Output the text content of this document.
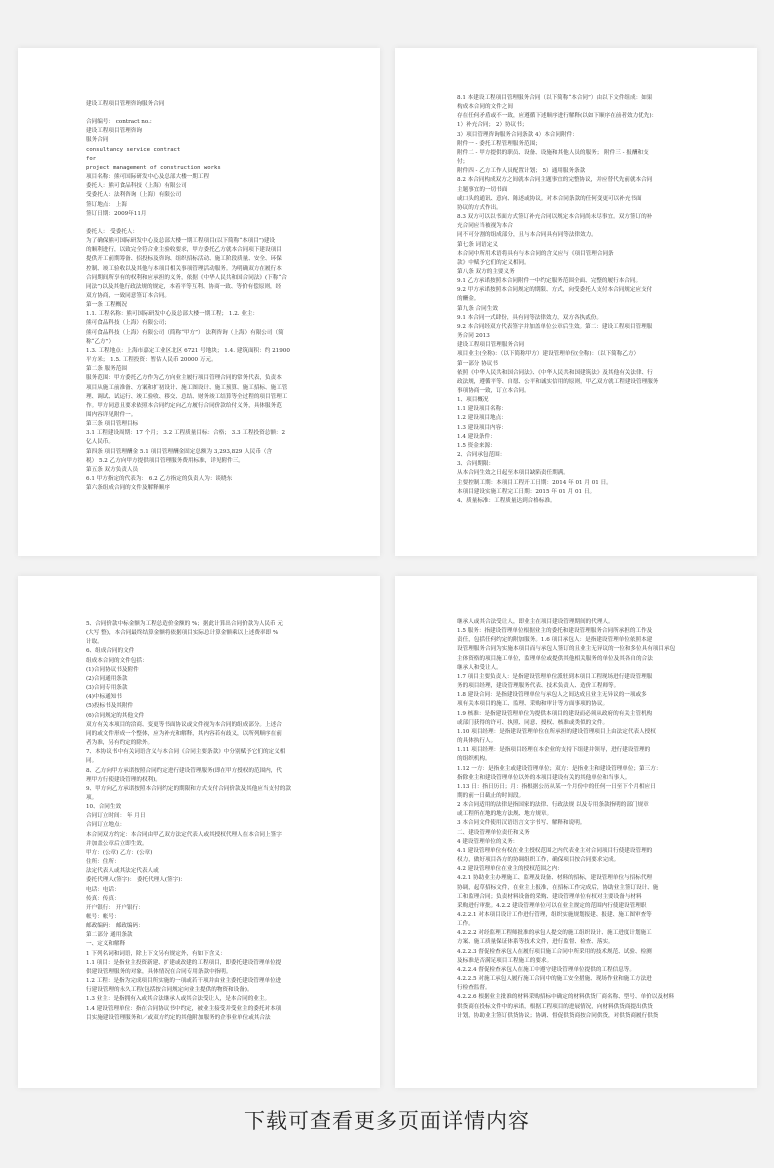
建设工程项目管理咨询服务合同
合同编号： contract no.:
建设工程项目管理咨询
服务合同
consultancy service contract
for
project management of construction works
项目名称：熊可国际研发中心及总部大楼一期工程
委托人：熊可食品科技（上海）有限公司
受委托人：法利咨询（上海）有限公司
签订地点： 上海
签订日期：2009年11月
委托人： 受委托人：
为了确保熊可国际研发中心及总部大楼一期工程项目(以下简称“本项目”)建设
的顺利进行，以致完全符合业主验收要求，甲方委托乙方就本合同项下建设项目
提供开工前期筹备、招投标及咨询、组织招标活动、施工阶段质量、安全、环保
控制、竣工验收以及其他与本项目相关事项管理活动服务。为明确双方在履行本
合同期间所享有的权利和应承担的义务，依据《中华人民共和国合同法》(下称“合
同法”)以及其他行政法规的规定，本着平等互利、协商一致、等价有偿原则，经
双方协商，一致同意签订本合同。
第一条 工程概况
1.1. 工程名称：熊可国际研发中心及总部大楼一期工程； 1.2. 业主：
熊可食品科技（上海）有限公司；
熊可食品科技（上海）有限公司（简称“甲方”） 法利咨询（上海）有限公司（简
称“乙方”）
1.3. 工程地点：上海市嘉定工业区北区 6721 号地块； 1.4. 建筑面积：约 21900
平方米； 1.5. 工程投资：暂估人民币 20000 万元。
第二条 服务范围
服务范围：甲方委托乙方作为乙方向业主履行项目管理合同的常务代表，负责本
项目从施工前准备、方案和扩初设计、施工图设计、施工预算、施工招标、施工管
理、调试、试运行、竣工验收、移交、总结、财务竣工结算等全过程的项目管理工
作。甲方同意且要求依照本合同约定向乙方履行合同价款给付义务，具体服务范
围内容详见附件一。
第三条 项目管理目标
3.1 工程建设周期：17 个月； 3.2 工程质量目标：合格； 3.3 工程投资总额：2
亿人民币。
第四条 项目管理酬金 5.1 项目管理酬金固定总额为 3,293,829 人民币（含
税） 5.2 乙方向甲方提供项目管理服务费用标准，详见附件三。
第五条 双方负责人员
6.1 甲方指定的代表为： 6.2 乙方指定的负责人为：谈晓东
第六条组成合同的文件及解释顺序
8.1 本建设工程项目管理服务合同（以下简称“本合同”）由以下文件组成：如果
构成本合同的文件之间
存在任何矛盾或不一致，应遵循下述顺序进行解释(以如下顺序在前者效力优先)：
1）补充合同； 2）协议书；
3）项目管理咨询服务合同条款 4）本合同附件：
附件一 - 委托工程管理服务范围；
附件二 - 甲方提供的职员、设备、设施和其他人员的服务； 附件三 - 报酬和支
付；
附件四 - 乙方工作人员配置计划； 5）通用服务条款
8.2 本合同构成双方之间就本合同主题事宜的完整协议，并应替代先前就本合同
主题事宜的一切书面
或口头的通讯、意向、陈述或协议。对本合同条款的任何变更可以补充书面
协议的方式作出。
8.3 双方可以以书面方式签订补充合同以规定本合同尚未尽事宜。双方签订的补
充合同应当被视为本合
同不可分割的组成部分，且与本合同具有同等法律效力。
第七条 词语定义
本合同中所用术语将具有与本合同的含义应与《项目管理合同条
款》中赋予它们的定义相同。
第八条 双方的主要义务
9.1 乙方承诺按照本合同附件一中约定服务范围全面、完整的履行本合同。
9.2 甲方承诺按照本合同规定的期限、方式，向受委托人支付本合同规定应支付
的酬金。
第九条 合同生效
9.1 本合同一式肆份，具有同等法律效力，双方各执贰份。
9.2 本合同经双方代表签字并加盖单位公章后生效。第二：建设工程项目管理服
务合同 2013
建设工程项目管理服务合同
项目业主(全称)：（以下简称甲方）建设管理单位(全称)：（以下简称乙方）
第一部分 协议书
依照《中华人民共和国合同法》、《中华人民共和国建筑法》及其他有关法律、行
政法规，遵循平等、自愿、公平和诚实信用的原则，甲乙双方就工程建设管理服务
事项协商一致，订立本合同。
1、项目概况
1.1 建设项目名称：
1.2 建设项目地点：
1.3 建设项目内容：
1.4 建设条件：
1.5 资金来源：
2、合同承包范围：
3、合同期限：
从本合同生效之日起至本项目缺陷责任期满。
主要控制工期：本项目工程开工日期：2014 年 01 月 01 日。
本项目建设实施工程完工日期：2015 年 01 月 01 日。
4、质量标准：工程质量达到合格标准。
5、合同价款中标金额为工程总造价金额的 %；据此计算出合同价款为人民币 元
(大写 整)，本合同最终结算金额将依据项目实际总计算金额乘以上述费率即 %
计取。
6、组成合同的文件
组成本合同的文件包括：
(1)合同协议书及附件
(2)合同通用条款
(3)合同专用条款
(4)中标通知书
(5)投标书及其附件
(6)合同规定的其他文件
双方有关本项目的洽商、变更等书面协议或文件视为本合同的组成部分。上述合
同的或文件形成一个整体，应为补充和解释，其内容若有歧义，以所列顺序在前
者为准，另有约定的除外。
7、本协议书中有关词语含义与本合同《合同主要条款》中分别赋予它们的定义相
同。
8、乙方向甲方承诺按照合同约定进行建设管理服务(即在甲方授权的范围内，代
理甲方行使建设管理的权利)。
9、甲方向乙方承诺按照本合同约定的期限和方式支付合同价款及其他应当支付的款
项。
10、合同生效
合同订立时间： 年 月日
合同订立地点：
本合同双方约定：本合同由甲乙双方法定代表人或其授权代理人在本合同上签字
并加盖公章后立即生效。
甲方：(公章) 乙方：(公章)
住所：住所：
法定代表人或其法定代表人或
委托代理人(签字)： 委托代理人(签字)：
电话：电话：
传真：传真：
开户银行： 开户银行：
帐号：帐号：
邮政编码： 邮政编码：
第二部分 通用条款
一、定义和解释
1 下列名词和词语，除上下文另有规定外，有如下含义：
1.1 项目：是指业主投资新建、扩建或改建的工程项目，即委托建设管理单位提
供建设管理服务的对象，具体情况在合同专用条款中指明。
1.2 工程：是指为完成项目所实施的一项或若干项并由业主委托建设管理单位进
行建设管理的永久工程(包括按合同规定向业主提供的物资和设备)。
1.3 业主：是指拥有入或其合法继承人或其合法受让人，是本合同的业主。
1.4 建设管理单位：指在合同协议书中约定，被业主接受并受业主的委托对本项
目实施建设管理服务和／或双方约定的其他附加服务的企事业单位或其合法
继承人或其合法受让人，即业主在项目建设管理期间的代理人。
1.5 服务：指建设管理单位根据业主的委托和建设管理服务合同所承担的工作及
责任，包括任何约定的附加服务。1.6 项目承包人：是指建设管理单位依照本建
设管理服务合同为实施本项目而与承包人签订的且业主无异议的一位和多位具有项目承包
主体资格的项目施工单位，监理单位或提供其他相关服务的单位及其各自的合法
继承人和受让人。
1.7 项目主要负责人：是指建设管理单位派驻到本项目工程现场进行建设管理服
务的项目经理，建设管理服务代表、技术负责人、造价工程师等。
1.8 建设合同：是指建设管理单位与承包人之间达成且业主无异议的一项或多
项有关本项目的施工、监理、采购和审计等方面事项的协议。
1.9 核准：是指建设管理单位为提供本项目的建设而必须从政府的有关主管机构
或部门获得的许可、执照、同意、授权、核准或类似的文件。
1.10 项目经理：是指建设管理单位在所承担的建设管理项目上由法定代表人授权
的具体执行人。
1.11 项目经理：是指项目经理在本企业的支持下组建并领导，进行建设管理的
的组织机构。
1.12 一方：是指业主或建设管理单位；双方：是指业主和建设管理单位；第三方：
指除业主和建设管理单位以外的本项目建设有关的其他单位和当事人。
1.13 日：指日历日；月：指根据公历从某一个月份中的任何一日至下个月相应日
期的前一日截止的时间段。
2 本合同适用的法律是指国家的法律、行政法规 以及专用条款指明的部门规章
或工程所在地的地方法规、地方规章。
3 本合同文件使用汉语语言文字书写、解释和说明。
二、建设管理单位责任和义务
4 建设管理单位的义务：
4.1 建设管理单位有权在业主授权范围之内代表业主对合同项目行使建设管理的
权力，做好项目各方的协调组织工作，确保项目按合同要求完成。
4.2 建设管理单位在业主的授权范围之内：
4.2.1 协助业主办理施工、监理及设备、材料的招标，建设管理单位与招标代理
协调，起草招标文件，在业主上报准，在招标工作完成后，协助业主签订设计、施
工和监理合同；负责材料设备的采购、建设管理单位有权对主要设备与材料
采购进行审批。4.2.2 建设管理单位可以在业主规定的范围内行使建设管理职
4.2.2.1 对本项目设计工作进行管理，组织实施规划报建、报建、施工图审查等
工作。
4.2.2.2 对经监理工程师批准的承包人提交的施工组织设计、施工进度计划施工
方案、施工质量保证体系等技术文件，进行监督、检查、落实。
4.2.2.3 督促检查承包人在履行项目施工合同中所采用的技术规范、试验、检测
及标准是否满足项目工程施工的要求。
4.2.2.4 督促检查承包人在施工中遵守建设管理单位提供的工程信息等。
4.2.2.5 对施工承包人履行施工合同中的施工安全措施、现场作业和施工方法进
行检查监督。
4.2.2.6 根据业主批准的材料采购招标中确定的材料供货厂商名称、型号、单价以及材料
供货商在投标文件中的承诺，根据工程项目的进展情况，向材料供货商提出供货
计划，协助业主签订供货协议；协调、督促供货商按合同供货，对供货商履行供货
下载可查看更多页面详情内容
